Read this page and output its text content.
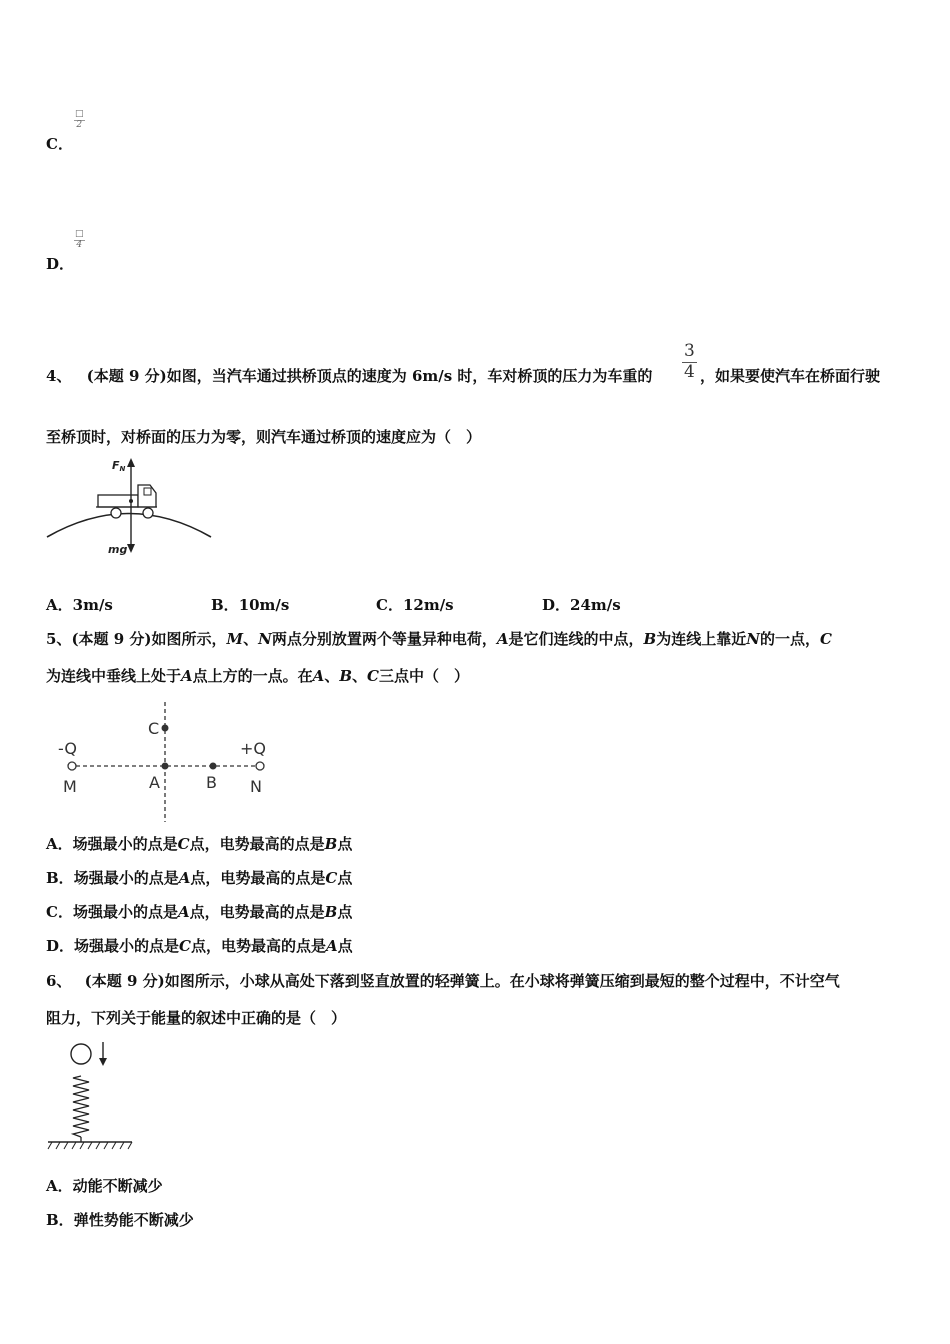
□
2
C．
□
4
D．
4、 (本题 9 分)如图，当汽车通过拱桥顶点的速度为 6m/s 时，车对桥顶的压力为车重的 $\frac{3}{4}$ ，如果要使汽车在桥面行驶
至桥顶时，对桥面的压力为零，则汽车通过桥顶的速度应为（　）
FN
mg
A．3m/s	B．10m/s	C．12m/s	D．24m/s
5、(本题 9 分)如图所示，M、N两点分别放置两个等量异种电荷，A是它们连线的中点，B为连线上靠近N的一点，C
为连线中垂线上处于A点上方的一点。在A、B、C三点中（　）
-Q	+Q
M	A	B N
C
A．场强最小的点是C点，电势最高的点是B点
B．场强最小的点是A点，电势最高的点是C点
C．场强最小的点是A点，电势最高的点是B点
D．场强最小的点是C点，电势最高的点是A点
6、 (本题 9 分)如图所示，小球从高处下落到竖直放置的轻弹簧上。在小球将弹簧压缩到最短的整个过程中，不计空气
阻力，下列关于能量的叙述中正确的是（　）
A．动能不断减少
B．弹性势能不断减少
